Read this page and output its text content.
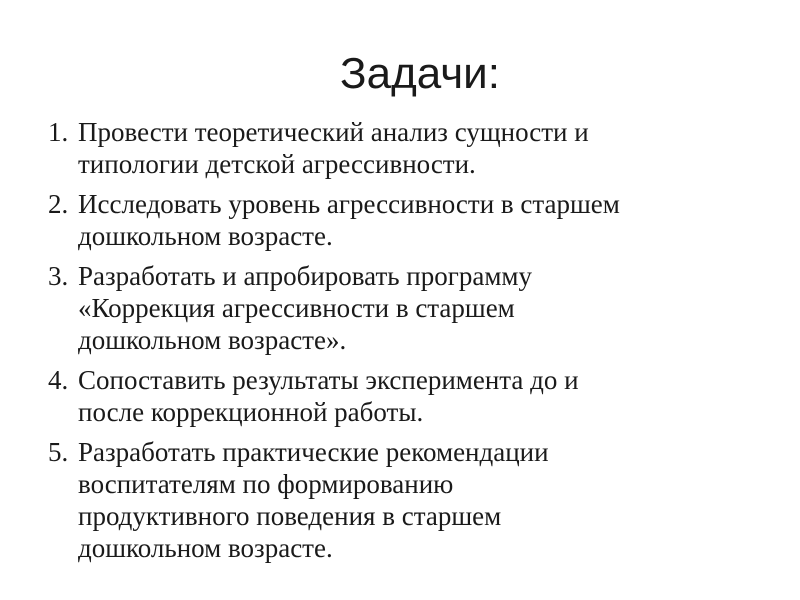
Задачи:
1. Провести теоретический анализ сущности и
типологии детской агрессивности.
2. Исследовать уровень агрессивности в старшем
дошкольном возрасте.
3. Разработать и апробировать программу
«Коррекция агрессивности в старшем
дошкольном возрасте».
4. Сопоставить результаты эксперимента до и
после коррекционной работы.
5. Разработать практические рекомендации
воспитателям по формированию
продуктивного поведения в старшем
дошкольном возрасте.
